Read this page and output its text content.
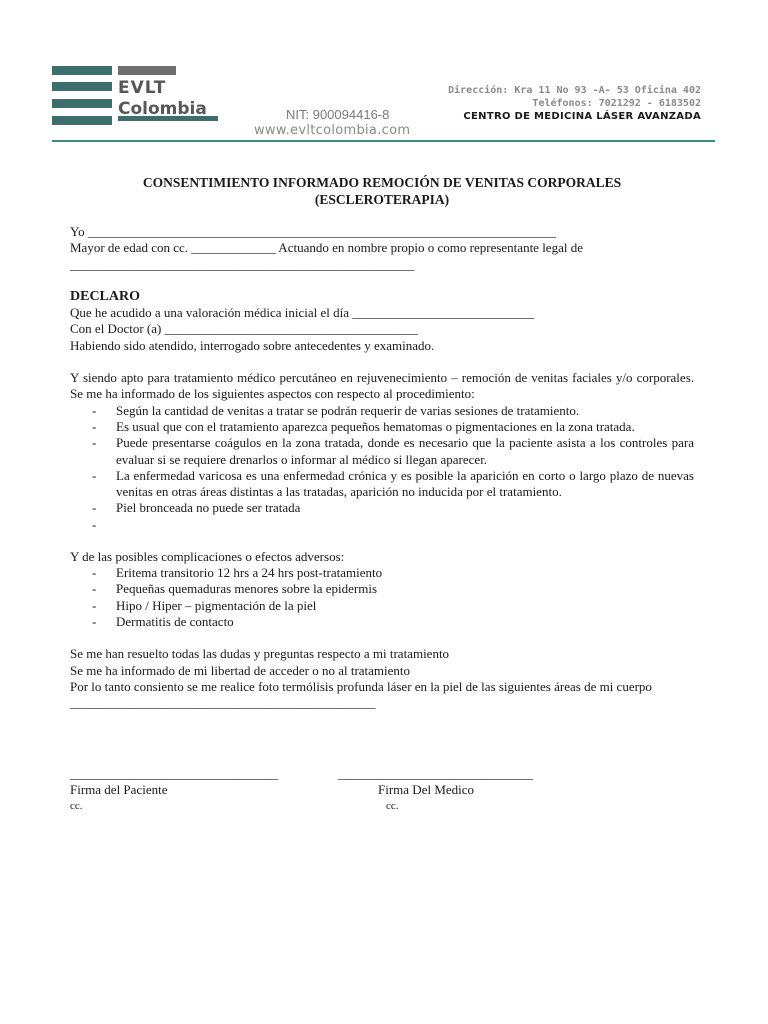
EVLT
Colombia	NIT: 900094416-8
www.evltcolombia.com
Dirección: Kra 11 No 93 -A- 53 Oficina 402
Teléfonos: 7021292 - 6183502
CENTRO DE MEDICINA LÁSER AVANZADA
CONSENTIMIENTO INFORMADO REMOCIÓN DE VENITAS CORPORALES
(ESCLEROTERAPIA)

Yo ________________________________________________________________________

Mayor de edad con cc. _____________ Actuando en nombre propio o como representante legal de

_____________________________________________________

DECLARO

Que he acudido a una valoración médica inicial el día ____________________________

Con el Doctor (a) _______________________________________

Habiendo sido atendido, interrogado sobre antecedentes y examinado.

Y siendo apto para tratamiento médico percutáneo en rejuvenecimiento – remoción de venitas faciales y/o corporales. Se me ha informado de los siguientes aspectos con respecto al procedimiento:

- Según la cantidad de venitas a tratar se podrán requerir de varias sesiones de tratamiento.
- Es usual que con el tratamiento aparezca pequeños hematomas o pigmentaciones en la zona tratada.
- Puede presentarse coágulos en la zona tratada, donde es necesario que la paciente asista a los controles para evaluar si se requiere drenarlos o informar al médico si llegan aparecer.
- La enfermedad varicosa es una enfermedad crónica y es posible la aparición en corto o largo plazo de nuevas venitas en otras áreas distintas a las tratadas, aparición no inducida por el tratamiento.
- Piel bronceada no puede ser tratada
-

Y de las posibles complicaciones o efectos adversos:

- Eritema transitorio 12 hrs a 24 hrs post-tratamiento
- Pequeñas quemaduras menores sobre la epidermis
- Hipo / Hiper – pigmentación de la piel
- Dermatitis de contacto

Se me han resuelto todas las dudas y preguntas respecto a mi tratamiento

Se me ha informado de mi libertad de acceder o no al tratamiento

Por lo tanto consiento se me realice foto termólisis profunda láser en la piel de las siguientes áreas de mi cuerpo

_______________________________________________

________________________________
Firma del Paciente
cc.
______________________________
Firma Del Medico
cc.
